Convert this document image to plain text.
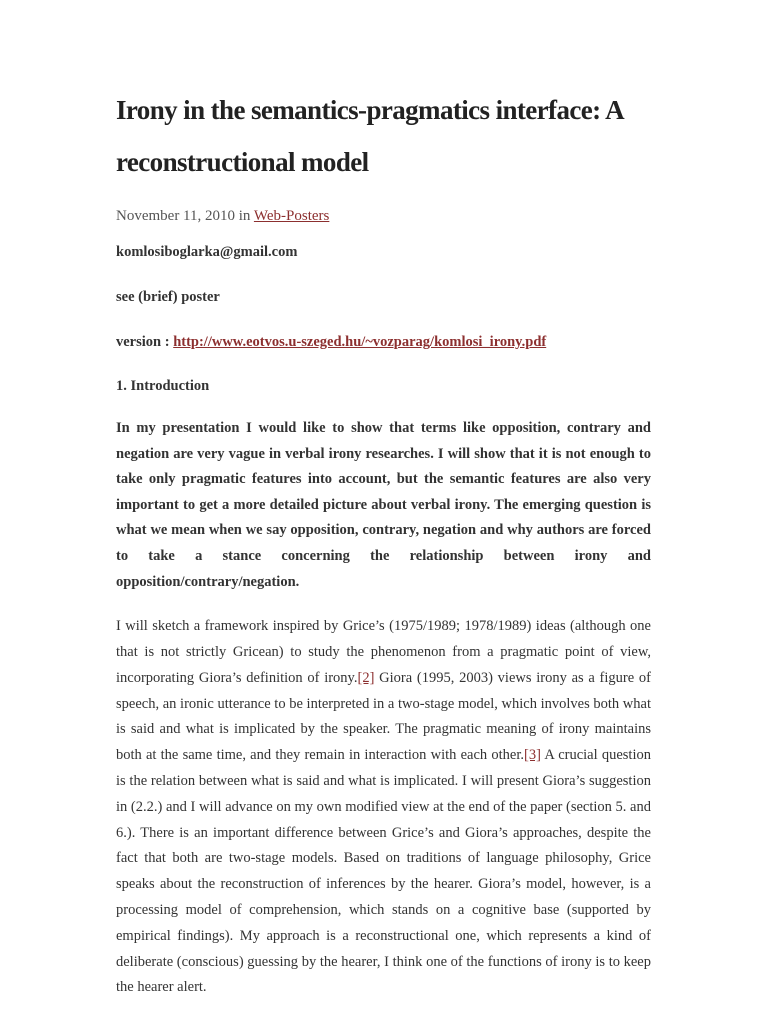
Irony in the semantics-pragmatics interface: A reconstructional model
November 11, 2010 in Web-Posters
komlosiboglarka@gmail.com
see (brief) poster
version : http://www.eotvos.u-szeged.hu/~vozparag/komlosi_irony.pdf
1. Introduction

In my presentation I would like to show that terms like opposition, contrary and negation are very vague in verbal irony researches. I will show that it is not enough to take only pragmatic features into account, but the semantic features are also very important to get a more detailed picture about verbal irony. The emerging question is what we mean when we say opposition, contrary, negation and why authors are forced to take a stance concerning the relationship between irony and opposition/contrary/negation.

I will sketch a framework inspired by Grice’s (1975/1989; 1978/1989) ideas (although one that is not strictly Gricean) to study the phenomenon from a pragmatic point of view, incorporating Giora’s definition of irony.[2] Giora (1995, 2003) views irony as a figure of speech, an ironic utterance to be interpreted in a two-stage model, which involves both what is said and what is implicated by the speaker. The pragmatic meaning of irony maintains both at the same time, and they remain in interaction with each other.[3] A crucial question is the relation between what is said and what is implicated. I will present Giora’s suggestion in (2.2.) and I will advance on my own modified view at the end of the paper (section 5. and 6.). There is an important difference between Grice’s and Giora’s approaches, despite the fact that both are two-stage models. Based on traditions of language philosophy, Grice speaks about the reconstruction of inferences by the hearer. Giora’s model, however, is a processing model of comprehension, which stands on a cognitive base (supported by empirical findings). My approach is a reconstructional one, which represents a kind of deliberate (conscious) guessing by the hearer, I think one of the functions of irony is to keep the hearer alert.
